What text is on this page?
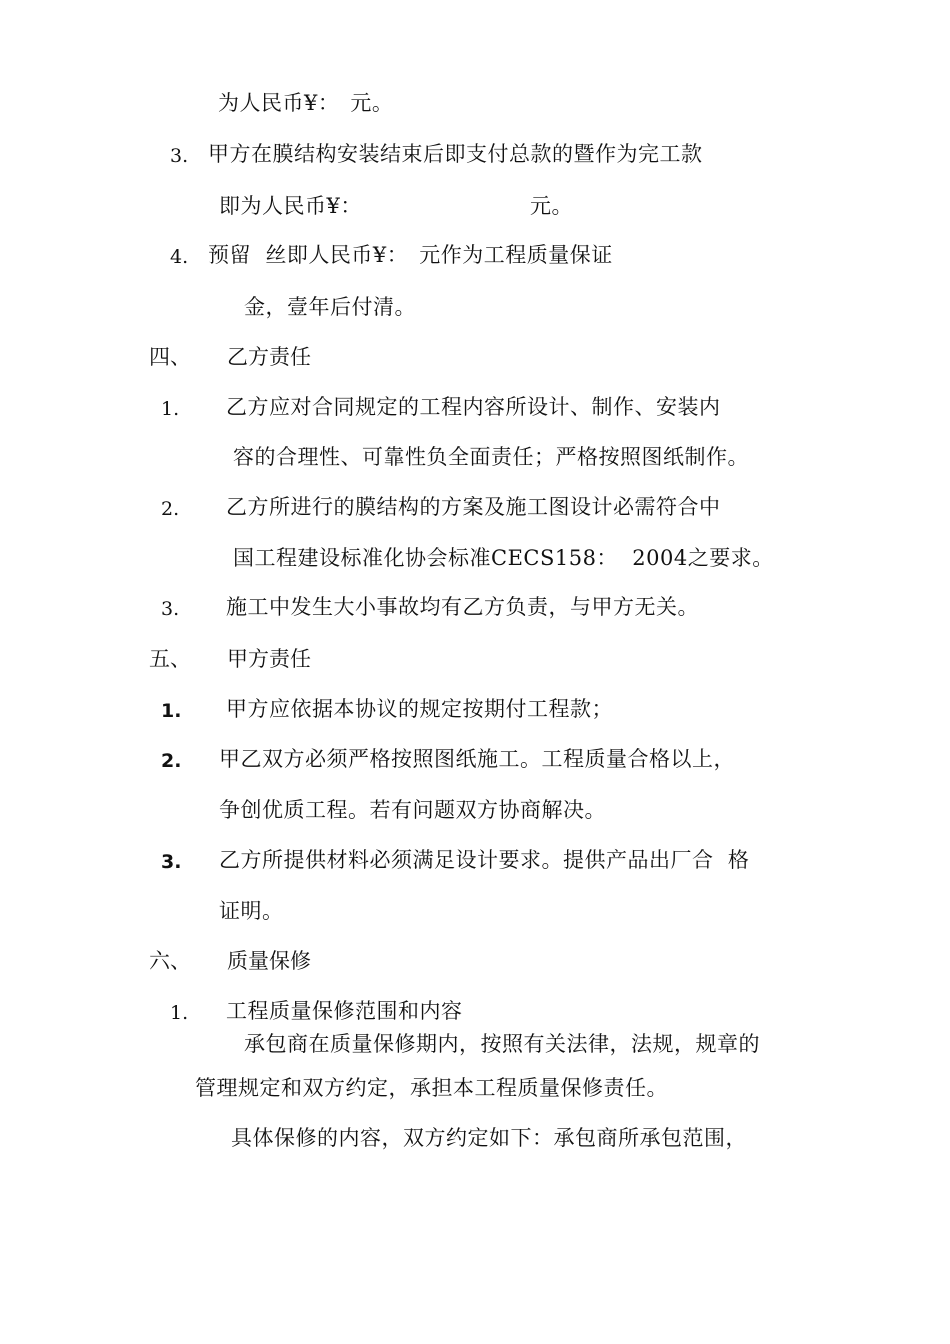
为人民币¥：　元。
3. 甲方在膜结构安装结束后即支付总款的暨作为完工款
即为人民币¥：	元。
4. 预留  丝即人民币¥：　元作为工程质量保证
金，壹年后付清。
四、 乙方责任
1. 乙方应对合同规定的工程内容所设计、制作、安装内
容的合理性、可靠性负全面责任；严格按照图纸制作。
2. 乙方所进行的膜结构的方案及施工图设计必需符合中
国工程建设标准化协会标准CECS158：  2004之要求。
3. 施工中发生大小事故均有乙方负责，与甲方无关。
五、 甲方责任
1. 甲方应依据本协议的规定按期付工程款；
2. 甲乙双方必须严格按照图纸施工。工程质量合格以上，
争创优质工程。若有问题双方协商解决。
3. 乙方所提供材料必须满足设计要求。提供产品出厂合  格
证明。
六、 质量保修
1. 工程质量保修范围和内容
承包商在质量保修期内，按照有关法律，法规，规章的
管理规定和双方约定，承担本工程质量保修责任。
具体保修的内容，双方约定如下：承包商所承包范围，
